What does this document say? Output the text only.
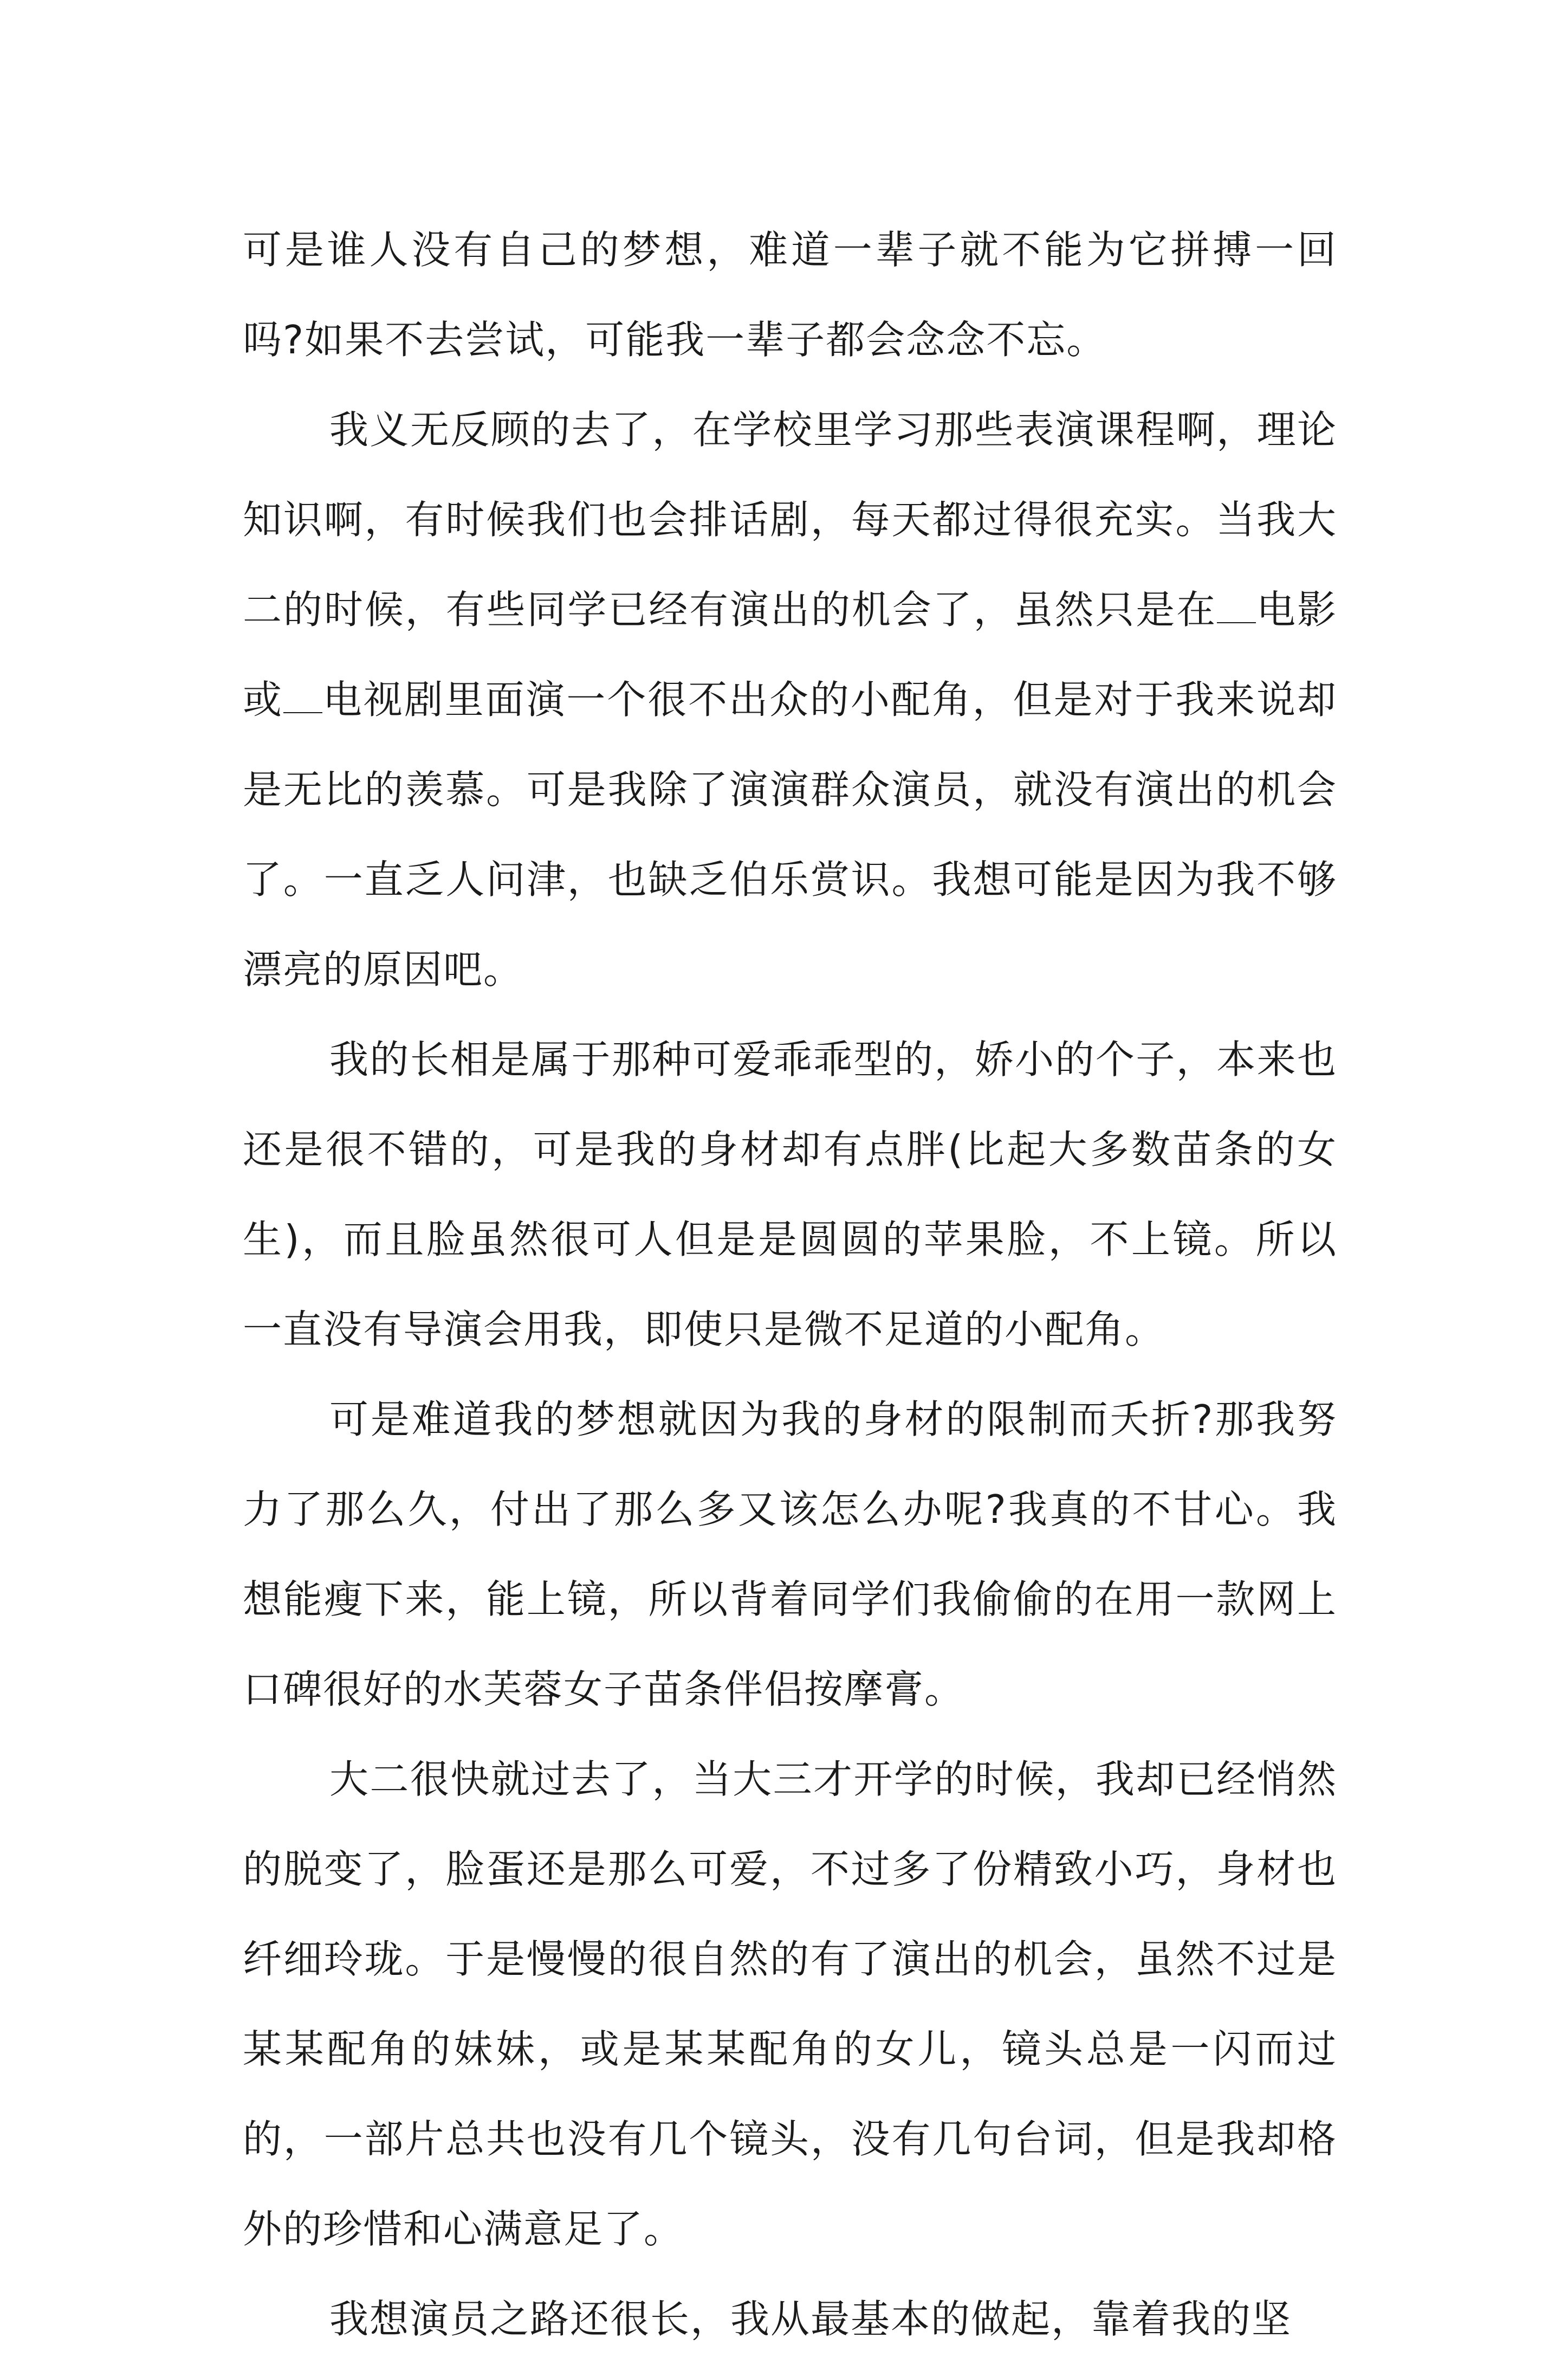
可是谁人没有自己的梦想，难道一辈子就不能为它拼搏一回吗?如果不去尝试，可能我一辈子都会念念不忘。

我义无反顾的去了，在学校里学习那些表演课程啊，理论知识啊，有时候我们也会排话剧，每天都过得很充实。当我大二的时候，有些同学已经有演出的机会了，虽然只是在 电影或 电视剧里面演一个很不出众的小配角，但是对于我来说却是无比的羡慕。可是我除了演演群众演员，就没有演出的机会了。一直乏人问津，也缺乏伯乐赏识。我想可能是因为我不够漂亮的原因吧。

我的长相是属于那种可爱乖乖型的，娇小的个子，本来也还是很不错的，可是我的身材却有点胖(比起大多数苗条的女生)，而且脸虽然很可人但是是圆圆的苹果脸，不上镜。所以一直没有导演会用我，即使只是微不足道的小配角。

可是难道我的梦想就因为我的身材的限制而夭折?那我努力了那么久，付出了那么多又该怎么办呢?我真的不甘心。我想能瘦下来，能上镜，所以背着同学们我偷偷的在用一款网上口碑很好的水芙蓉女子苗条伴侣按摩膏。

大二很快就过去了，当大三才开学的时候，我却已经悄然的脱变了，脸蛋还是那么可爱，不过多了份精致小巧，身材也纤细玲珑。于是慢慢的很自然的有了演出的机会，虽然不过是某某配角的妹妹，或是某某配角的女儿，镜头总是一闪而过的，一部片总共也没有几个镜头，没有几句台词，但是我却格外的珍惜和心满意足了。

我想演员之路还很长，我从最基本的做起，靠着我的坚
